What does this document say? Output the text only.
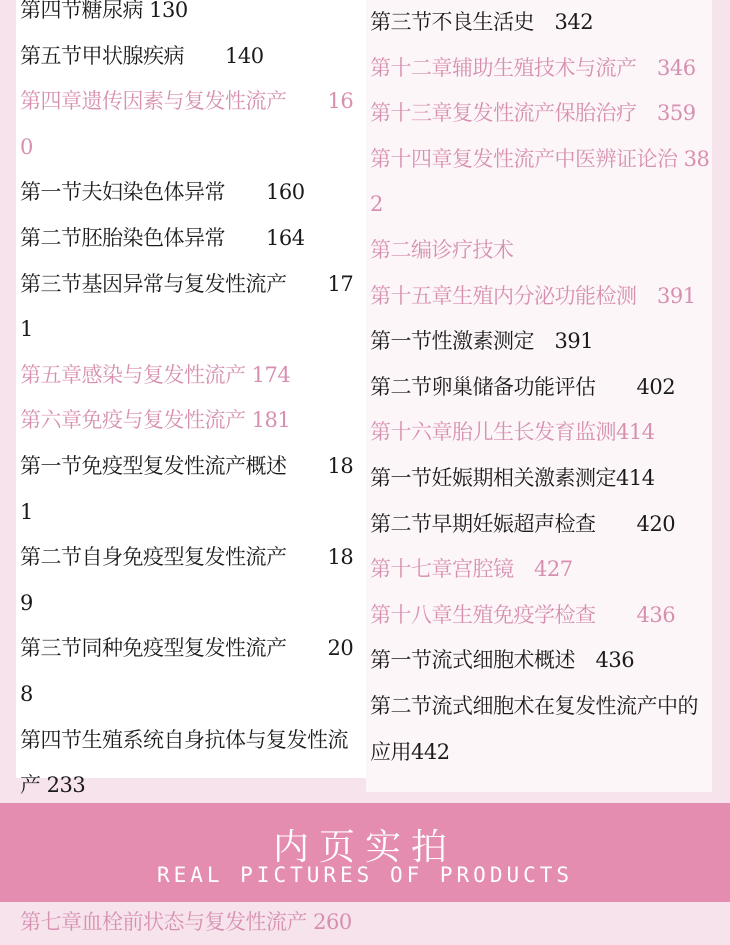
第四节糖尿病 130
第五节甲状腺疾病　　140
第四章遗传因素与复发性流产　　160
第一节夫妇染色体异常　　160
第二节胚胎染色体异常　　164
第三节基因异常与复发性流产　　171
第五章感染与复发性流产 174
第六章免疫与复发性流产 181
第一节免疫型复发性流产概述　　181
第二节自身免疫型复发性流产　　189
第三节同种免疫型复发性流产　　208
第四节生殖系统自身抗体与复发性流产 233
第七章血栓前状态与复发性流产 260
第三节不良生活史　342
第十二章辅助生殖技术与流产　346
第十三章复发性流产保胎治疗　359
第十四章复发性流产中医辨证论治 382
第二编诊疗技术
第十五章生殖内分泌功能检测　391
第一节性激素测定　391
第二节卵巢储备功能评估　　402
第十六章胎儿生长发育监测414
第一节妊娠期相关激素测定414
第二节早期妊娠超声检查　　420
第十七章宫腔镜　427
第十八章生殖免疫学检查　　436
第一节流式细胞术概述　436
第二节流式细胞术在复发性流产中的应用442
内页实拍
REAL PICTURES OF PRODUCTS
